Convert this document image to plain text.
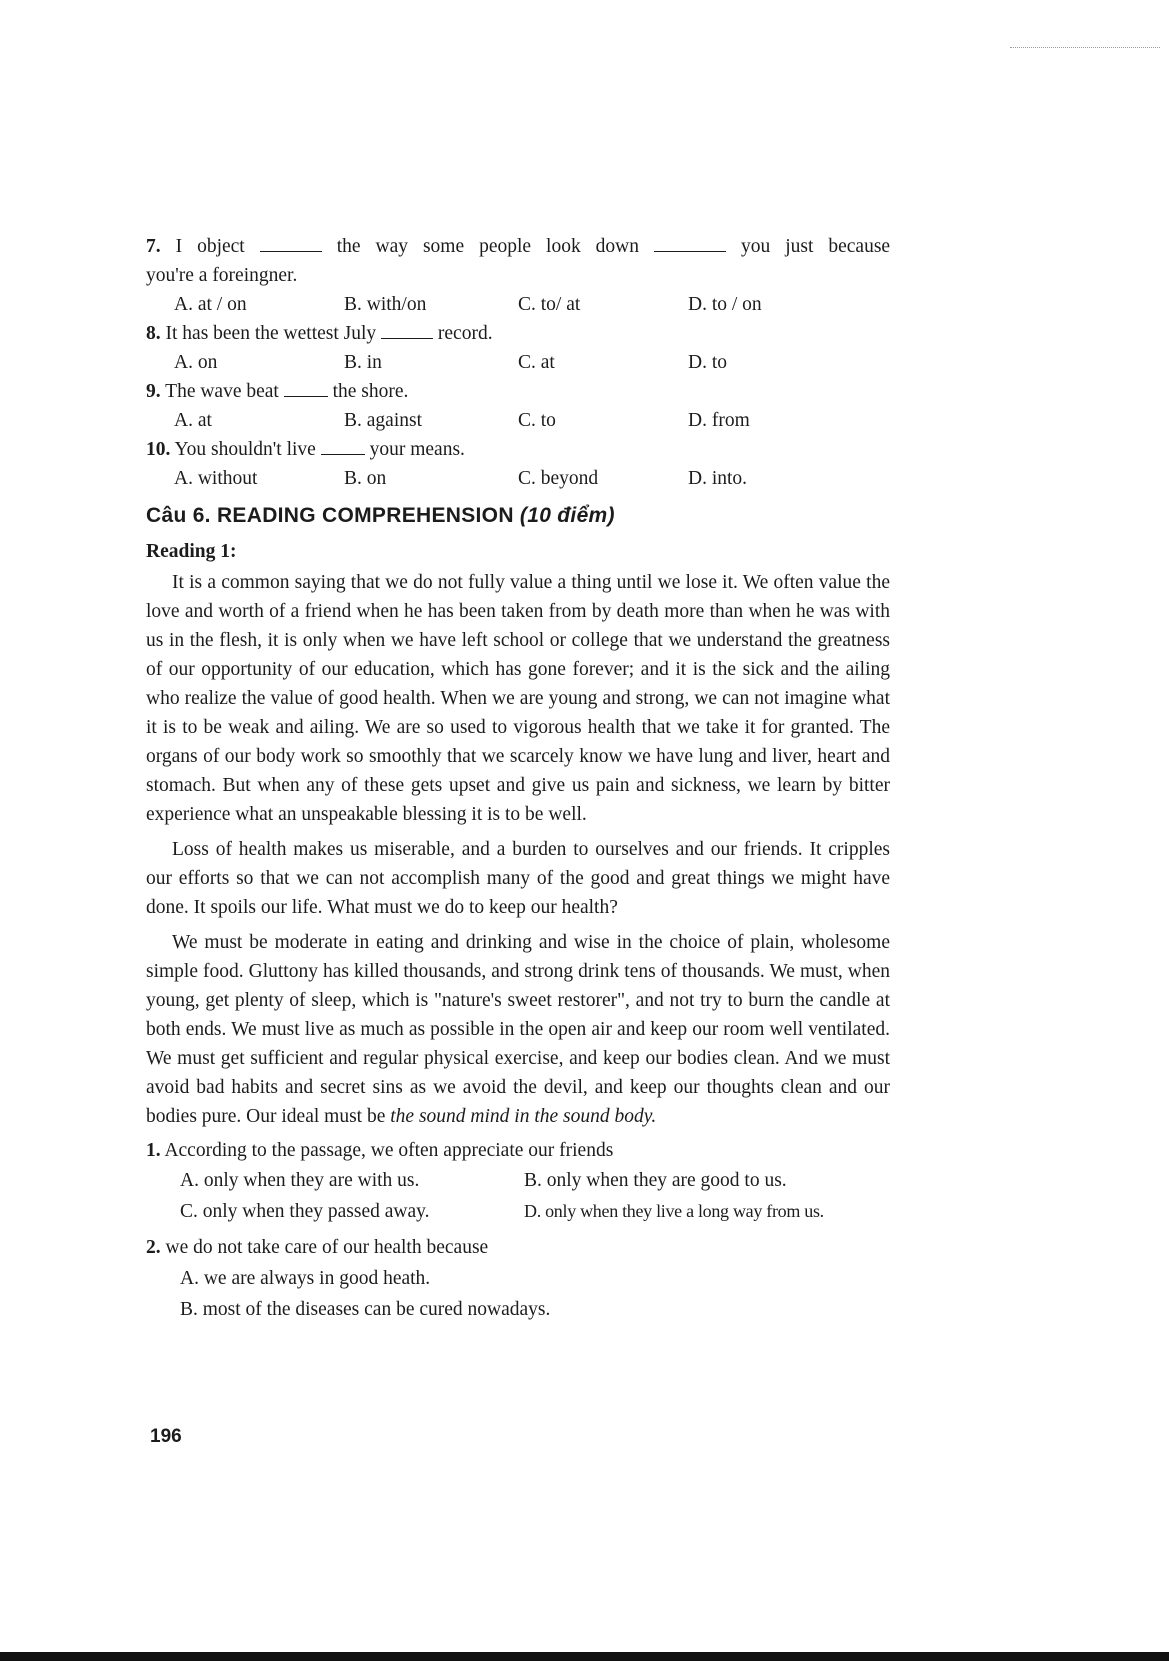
7. I object	the way some people look down	you just because
you're a foreingner.
A. at / on	B. with/on	C. to/ at	D. to / on
8. It has been the wettest July	record.
A. on	B. in	C. at	D. to
9. The wave beat	the shore.
A. at	B. against	C. to	D. from
10. You shouldn't live	your means.
A. without	B. on	C. beyond	D. into.
Câu 6. READING COMPREHENSION (10 điểm)
Reading 1:
It is a common saying that we do not fully value a thing until we lose it. We often value the love and worth of a friend when he has been taken from by death more than when he was with us in the flesh, it is only when we have left school or college that we understand the greatness of our opportunity of our education, which has gone forever; and it is the sick and the ailing who realize the value of good health. When we are young and strong, we can not imagine what it is to be weak and ailing. We are so used to vigorous health that we take it for granted. The organs of our body work so smoothly that we scarcely know we have lung and liver, heart and stomach. But when any of these gets upset and give us pain and sickness, we learn by bitter experience what an unspeakable blessing it is to be well.
Loss of health makes us miserable, and a burden to ourselves and our friends. It cripples our efforts so that we can not accomplish many of the good and great things we might have done. It spoils our life. What must we do to keep our health?
We must be moderate in eating and drinking and wise in the choice of plain, wholesome simple food. Gluttony has killed thousands, and strong drink tens of thousands. We must, when young, get plenty of sleep, which is "nature's sweet restorer", and not try to burn the candle at both ends. We must live as much as possible in the open air and keep our room well ventilated. We must get sufficient and regular physical exercise, and keep our bodies clean. And we must avoid bad habits and secret sins as we avoid the devil, and keep our thoughts clean and our bodies pure. Our ideal must be the sound mind in the sound body.
1. According to the passage, we often appreciate our friends
A. only when they are with us.	B. only when they are good to us.
C. only when they passed away.	D. only when they live a long way from us.
2. we do not take care of our health because
A. we are always in good heath.
B. most of the diseases can be cured nowadays.
196
